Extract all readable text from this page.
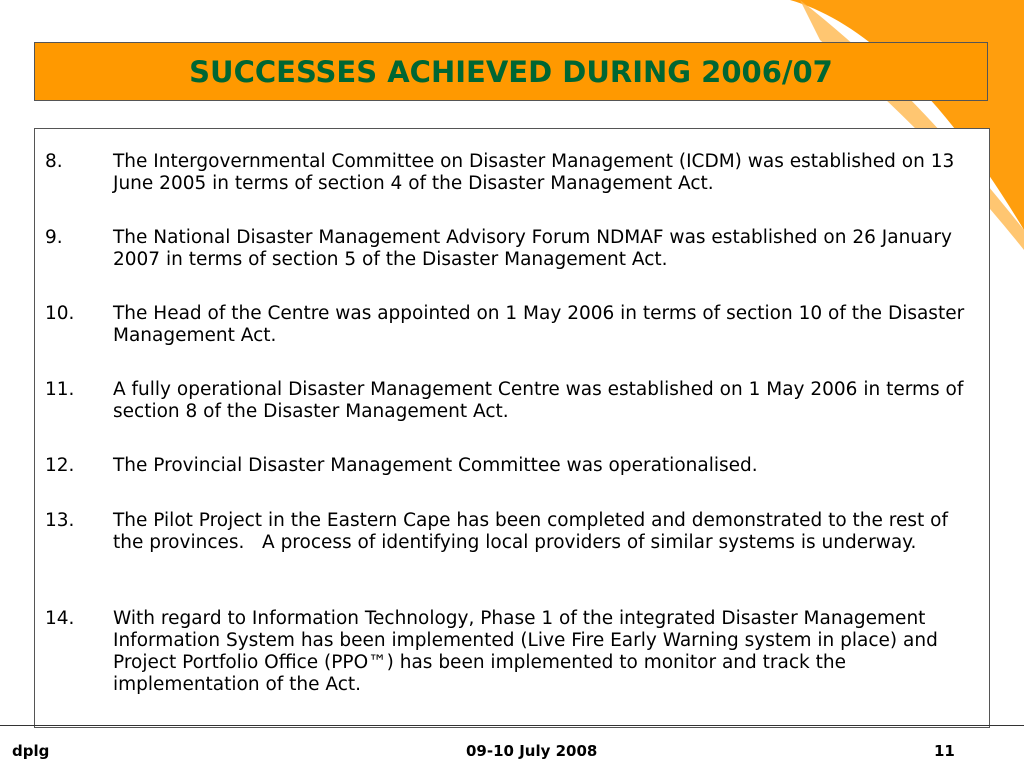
SUCCESSES ACHIEVED DURING 2006/07
8.	The Intergovernmental Committee on Disaster Management (ICDM) was established on 13 June 2005 in terms of section 4 of the Disaster Management Act.
9.	The National Disaster Management Advisory Forum NDMAF was established on 26 January 2007 in terms of section 5 of the Disaster Management Act.
10. The Head of the Centre was appointed on 1 May 2006 in terms of section 10 of the Disaster Management Act.
11. A fully operational Disaster Management Centre was established on 1 May 2006 in terms of section 8 of the Disaster Management Act.
12. The Provincial Disaster Management Committee was operationalised.
13. The Pilot Project in the Eastern Cape has been completed and demonstrated to the rest of the provinces.   A process of identifying local providers of similar systems is underway.
14. With regard to Information Technology, Phase 1 of the integrated Disaster Management Information System has been implemented (Live Fire Early Warning system in place) and Project Portfolio Office (PPO™) has been implemented to monitor and track the implementation of the Act.
dplg	09-10 July 2008	11
